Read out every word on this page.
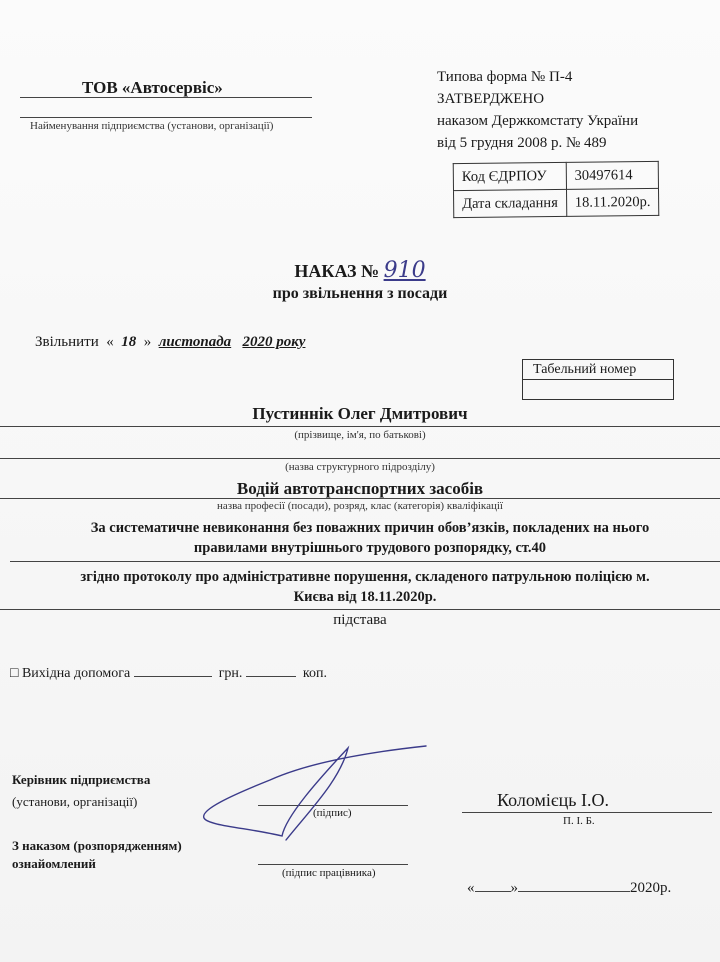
ТОВ «Автосервіс»
Найменування підприємства (установи, організації)
Типова форма № П-4
ЗАТВЕРДЖЕНО
наказом Держкомстату України
від 5 грудня 2008 р. № 489
Код ЄДРПОУ	30497614
Дата складання	18.11.2020р.
НАКАЗ № 910
про звільнення з посади
Звільнити « 18 » листопада 2020 року
Табельний номер
Пустиннік Олег Дмитрович
(прізвище, ім'я, по батькові)
(назва структурного підрозділу)
Водій автотранспортних засобів
назва професії (посади), розряд, клас (категорія) кваліфікації
За систематичне невиконання без поважних причин обов’язків, покладених на нього
правилами внутрішнього трудового розпорядку, ст.40
згідно протоколу про адміністративне порушення, складеного патрульною поліцією м.
Києва від 18.11.2020р.
підстава
□ Вихідна допомога	грн.	коп.
Керівник підприємства
(установи, організації)
(підпис)
Коломієць І.О.
П. І. Б.
З наказом (розпорядженням)
ознайомлений
(підпис працівника)
« »	2020р.
